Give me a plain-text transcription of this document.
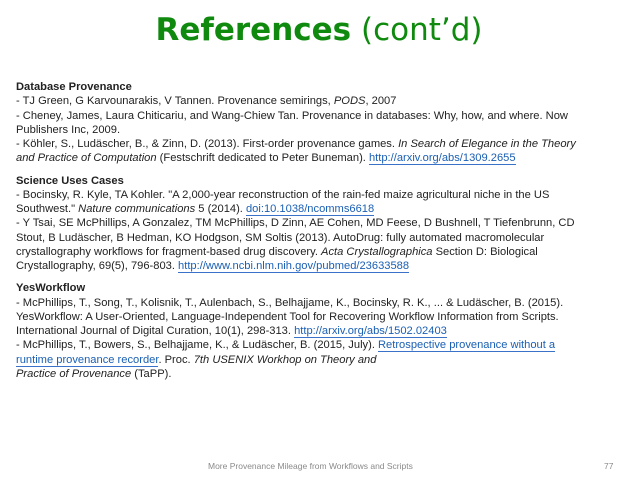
References (cont’d)
Database Provenance
- TJ Green, G Karvounarakis, V Tannen. Provenance semirings, PODS, 2007
- Cheney, James, Laura Chiticariu, and Wang-Chiew Tan. Provenance in databases: Why, how, and where. Now
Publishers Inc, 2009.
- Köhler, S., Ludäscher, B., & Zinn, D. (2013). First-order provenance games. In Search of Elegance in the Theory
and Practice of Computation (Festschrift dedicated to Peter Buneman). http://arxiv.org/abs/1309.2655
Science Uses Cases
- Bocinsky, R. Kyle, TA Kohler. "A 2,000-year reconstruction of the rain-fed maize agricultural niche in the US
Southwest." Nature communications 5 (2014). doi:10.1038/ncomms6618
- Y Tsai, SE McPhillips, A Gonzalez, TM McPhillips, D Zinn, AE Cohen, MD Feese, D Bushnell, T Tiefenbrunn, CD
Stout, B Ludäscher, B Hedman, KO Hodgson, SM Soltis (2013). AutoDrug: fully automated macromolecular
crystallography workflows for fragment-based drug discovery. Acta Crystallographica Section D: Biological
Crystallography, 69(5), 796-803. http://www.ncbi.nlm.nih.gov/pubmed/23633588
YesWorkflow
- McPhillips, T., Song, T., Kolisnik, T., Aulenbach, S., Belhajjame, K., Bocinsky, R. K., ... & Ludäscher, B. (2015).
YesWorkflow: A User-Oriented, Language-Independent Tool for Recovering Workflow Information from Scripts.
International Journal of Digital Curation, 10(1), 298-313. http://arxiv.org/abs/1502.02403
- McPhillips, T., Bowers, S., Belhajjame, K., & Ludäscher, B. (2015, July). Retrospective provenance without a
runtime provenance recorder. Proc. 7th USENIX Workhop on Theory and
Practice of Provenance (TaPP).
More Provenance Mileage from Workflows and Scripts	77
